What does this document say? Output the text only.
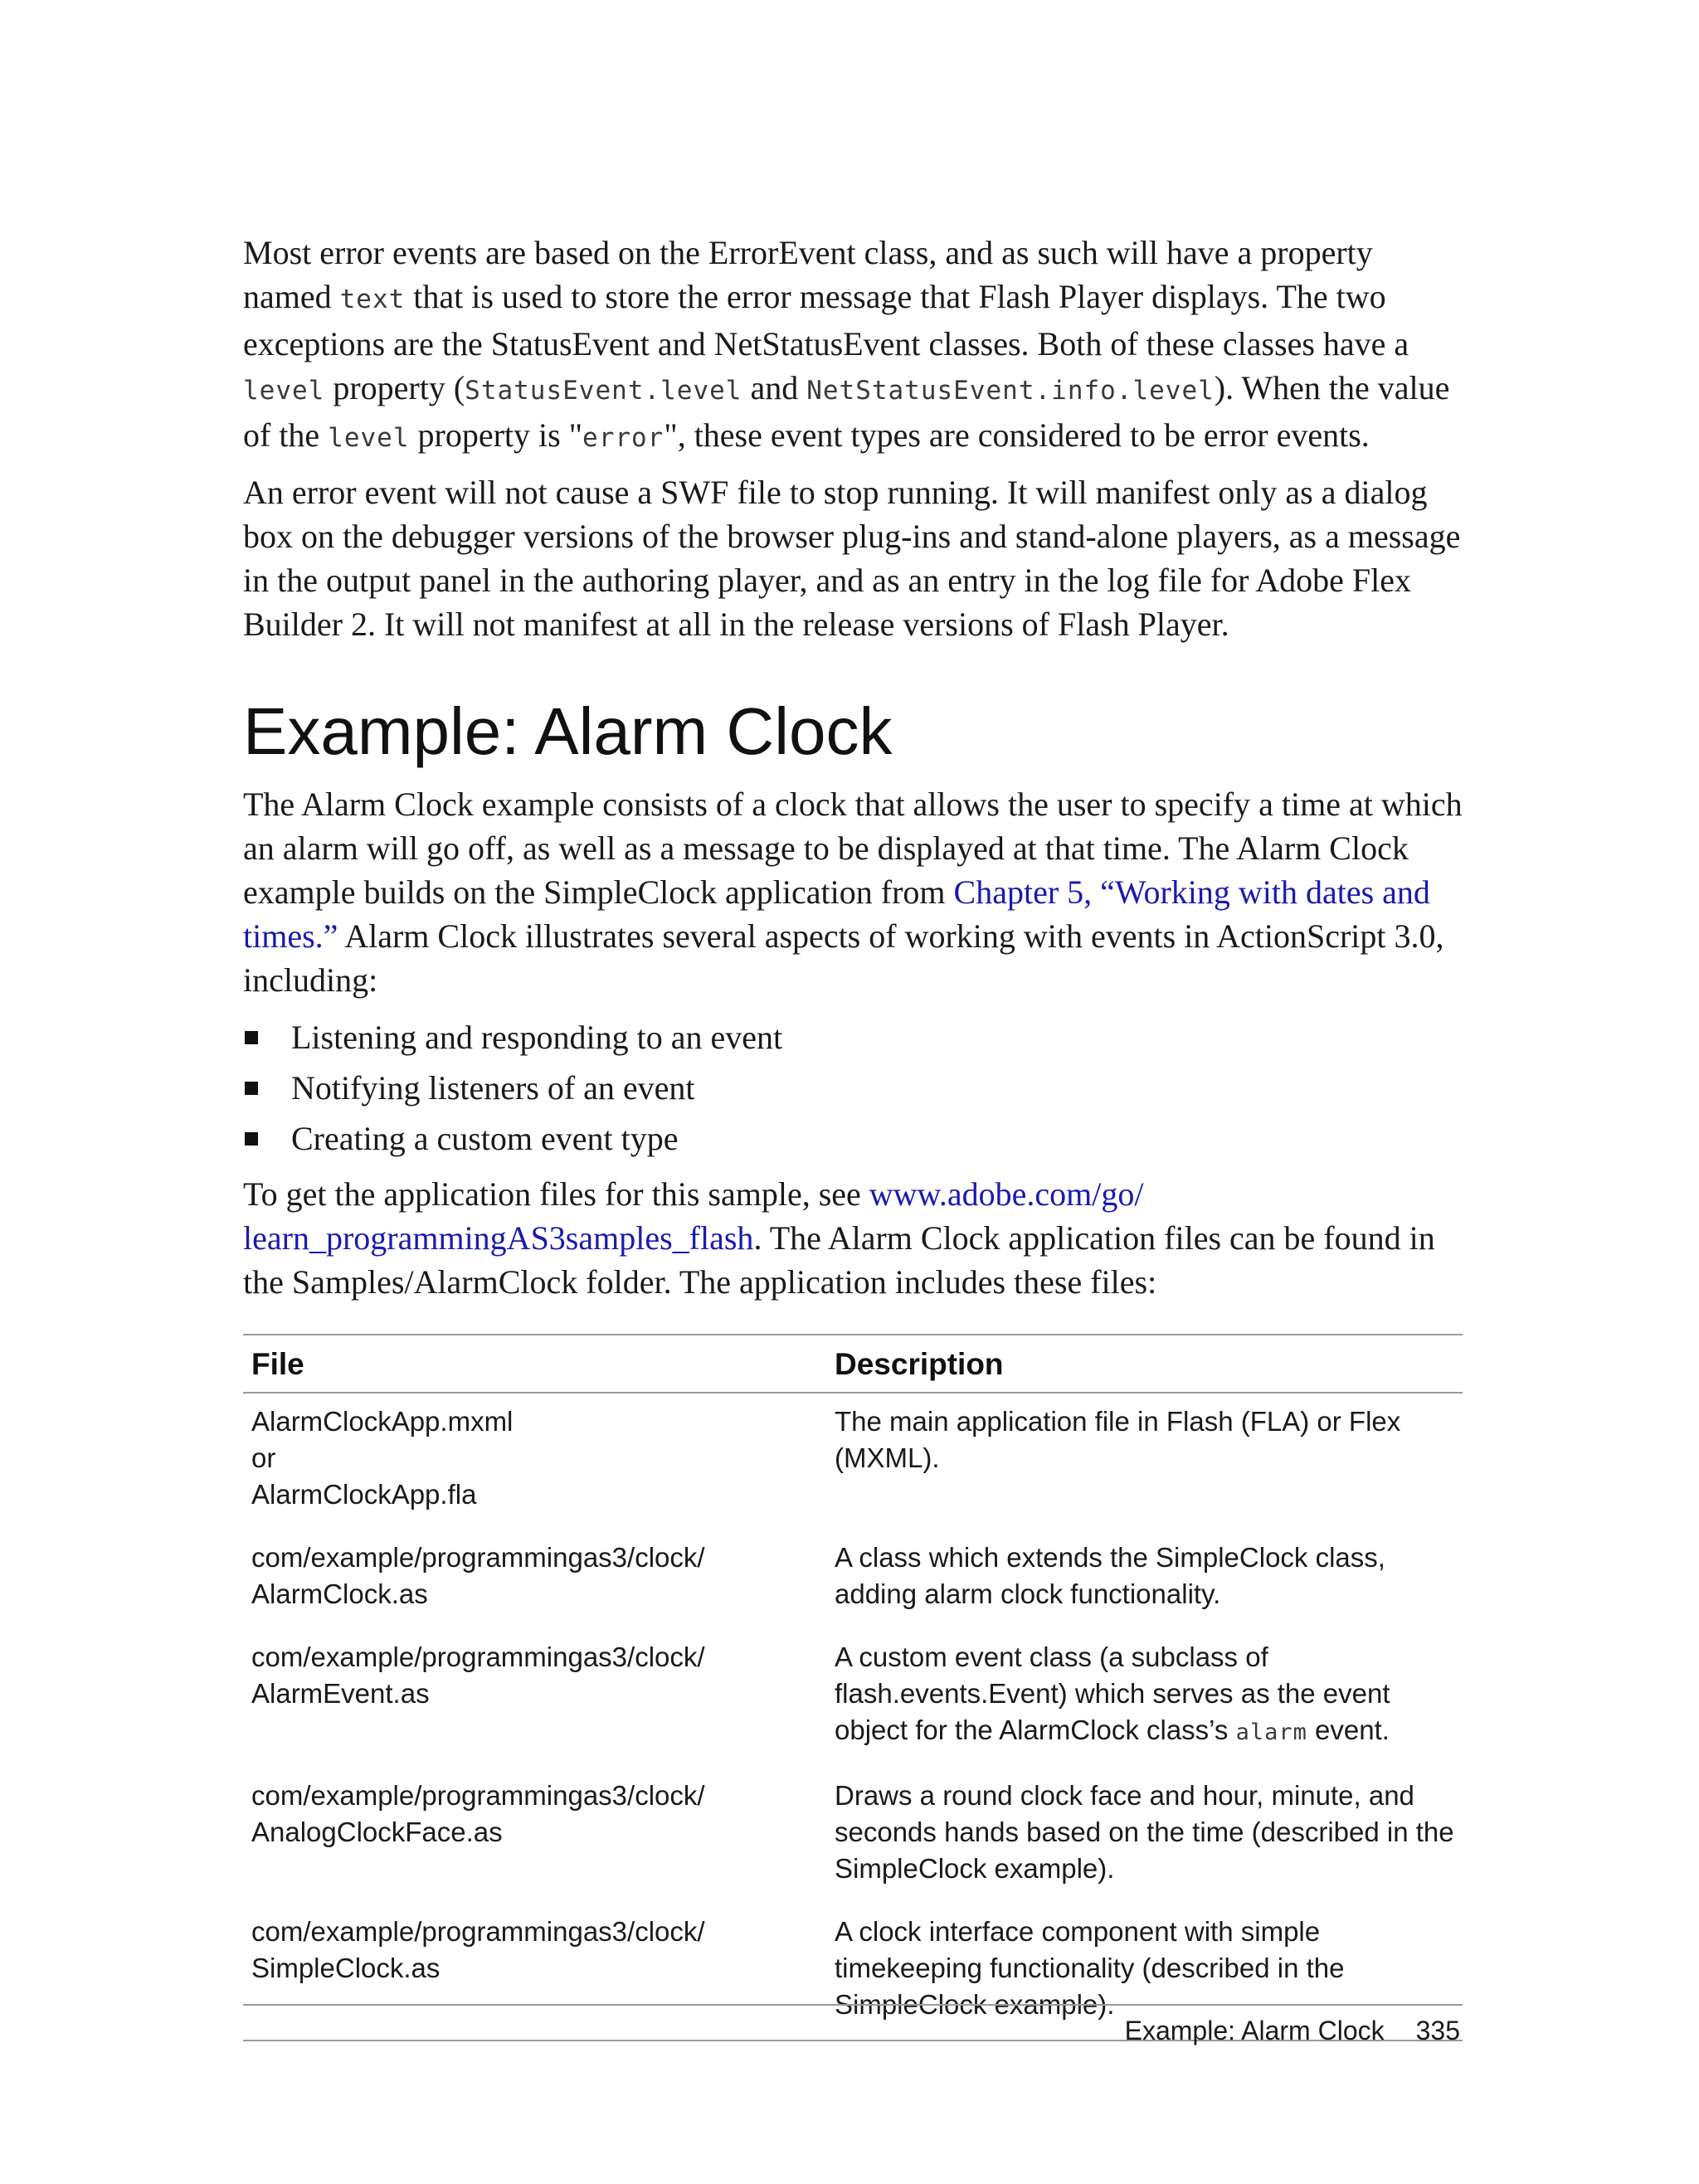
Most error events are based on the ErrorEvent class, and as such will have a property named text that is used to store the error message that Flash Player displays. The two exceptions are the StatusEvent and NetStatusEvent classes. Both of these classes have a level property (StatusEvent.level and NetStatusEvent.info.level). When the value of the level property is "error", these event types are considered to be error events.

An error event will not cause a SWF file to stop running. It will manifest only as a dialog box on the debugger versions of the browser plug-ins and stand-alone players, as a message in the output panel in the authoring player, and as an entry in the log file for Adobe Flex Builder 2. It will not manifest at all in the release versions of Flash Player.

Example: Alarm Clock

The Alarm Clock example consists of a clock that allows the user to specify a time at which an alarm will go off, as well as a message to be displayed at that time. The Alarm Clock example builds on the SimpleClock application from Chapter 5, “Working with dates and times.” Alarm Clock illustrates several aspects of working with events in ActionScript 3.0, including:

Listening and responding to an event
Notifying listeners of an event
Creating a custom event type

To get the application files for this sample, see www.adobe.com/go/
learn_programmingAS3samples_flash. The Alarm Clock application files can be found in the Samples/AlarmClock folder. The application includes these files:

File	Description

AlarmClockApp.mxml
or
AlarmClockApp.fla	The main application file in Flash (FLA) or Flex (MXML).

com/example/programmingas3/clock/
AlarmClock.as	A class which extends the SimpleClock class, adding alarm clock functionality.

com/example/programmingas3/clock/
AlarmEvent.as	A custom event class (a subclass of flash.events.Event) which serves as the event object for the AlarmClock class’s alarm event.

com/example/programmingas3/clock/
AnalogClockFace.as	Draws a round clock face and hour, minute, and seconds hands based on the time (described in the SimpleClock example).

com/example/programmingas3/clock/
SimpleClock.as	A clock interface component with simple timekeeping functionality (described in the SimpleClock example).
Example: Alarm Clock 335
